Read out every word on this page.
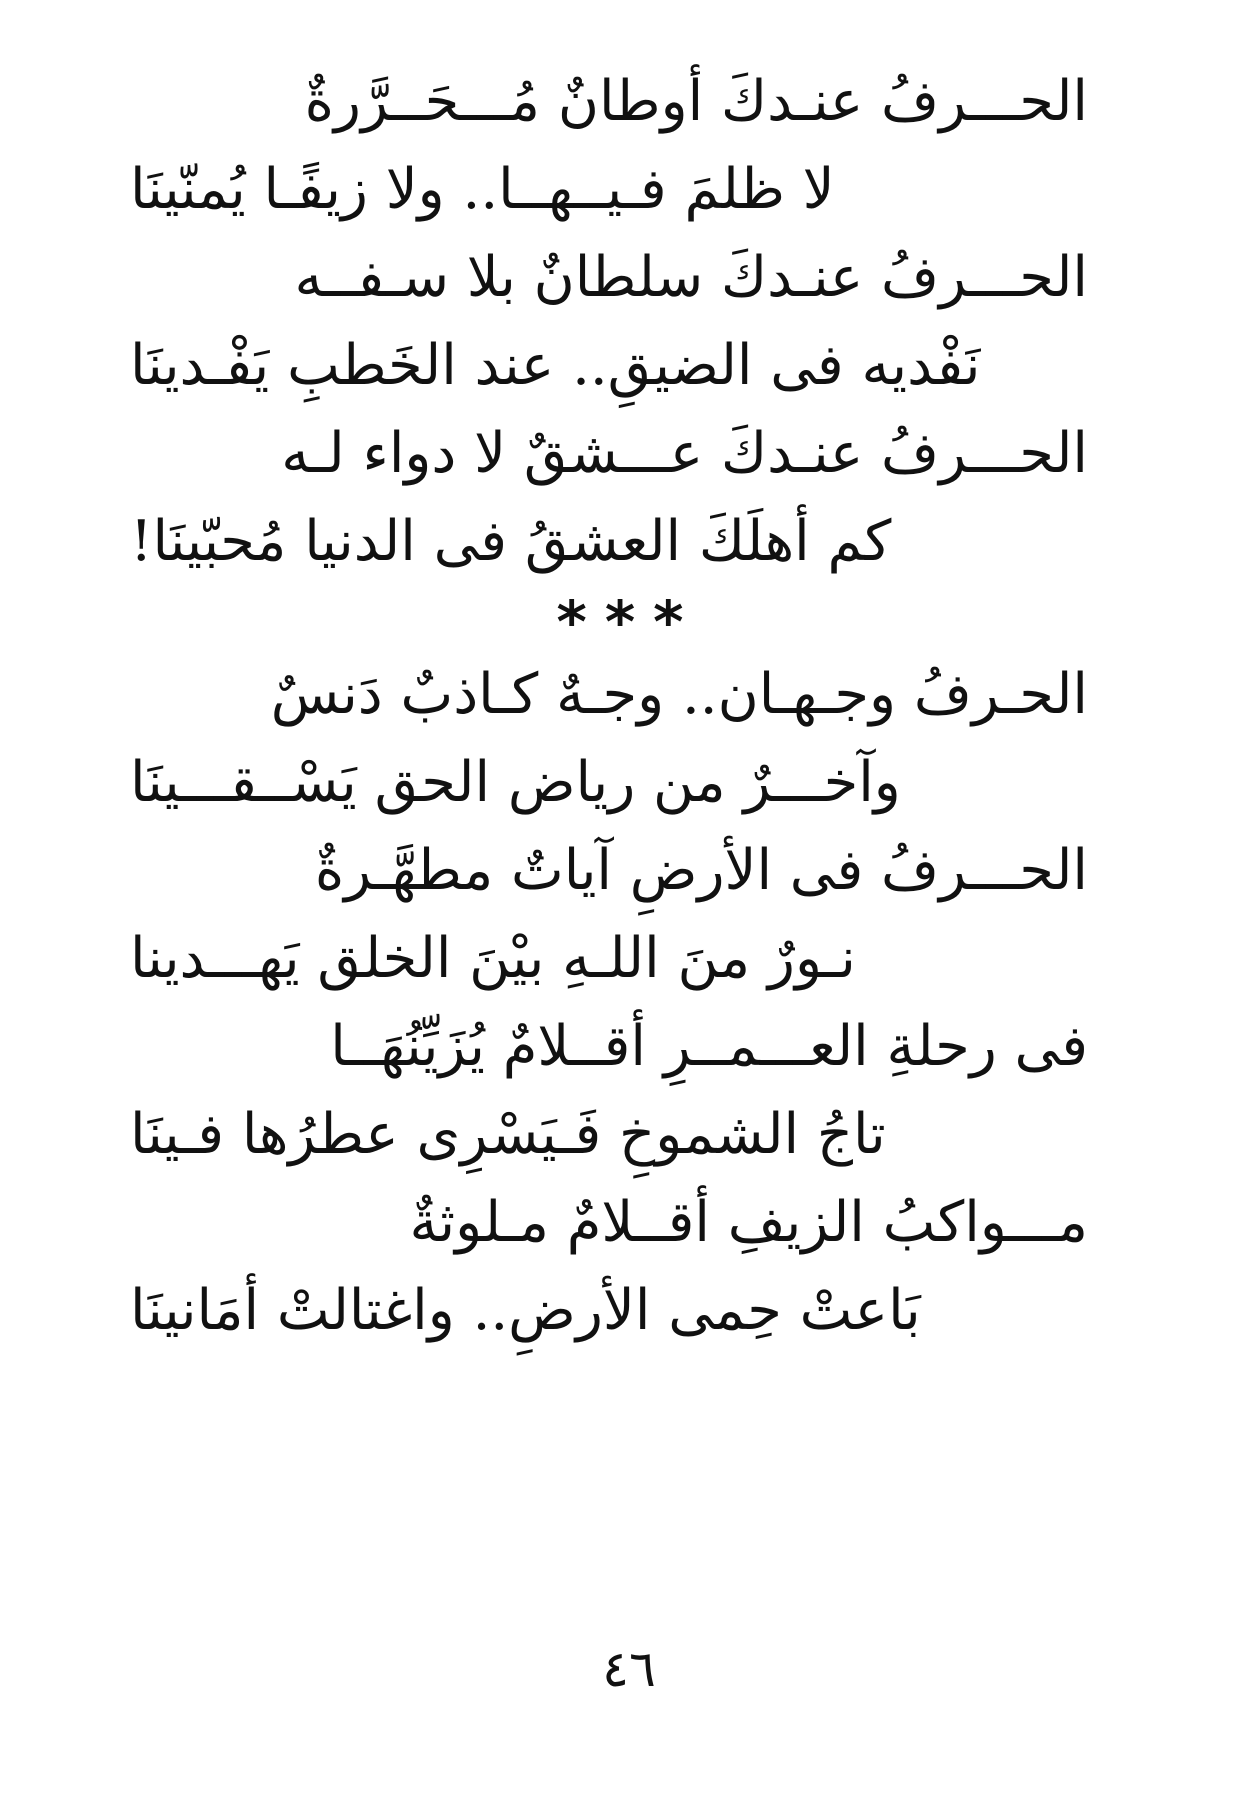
الحـــرفُ عنـدكَ أوطانٌ مُـــحَــرَّرةٌ
لا ظلمَ فـيــهــا.. ولا زيفًـا يُمنّينَا
الحـــرفُ عنـدكَ سلطانٌ بلا سـفــه
نَفْديه فى الضيقِ.. عند الخَطبِ يَفْـدينَا
الحـــرفُ عنـدكَ عـــشقٌ لا دواء لـه
كم أهلَكَ العشقُ فى الدنيا مُحبّينَا!
***
الحـرفُ وجـهـان.. وجـهٌ كـاذبٌ دَنسٌ
وآخـــرٌ من رياض الحق يَسْــقـــينَا
الحـــرفُ فى الأرضِ آياتٌ مطهَّـرةٌ
نـورٌ منَ اللـهِ بيْنَ الخلق يَهـــدينا
فى رحلةِ العـــمــرِ أقــلامٌ يُزَيِّنُهَــا
تاجُ الشموخِ فَـيَسْرِى عطرُها فـينَا
مـــواكبُ الزيفِ أقــلامٌ مـلوثةٌ
بَاعتْ حِمى الأرضِ.. واغتالتْ أمَانينَا
٤٦
